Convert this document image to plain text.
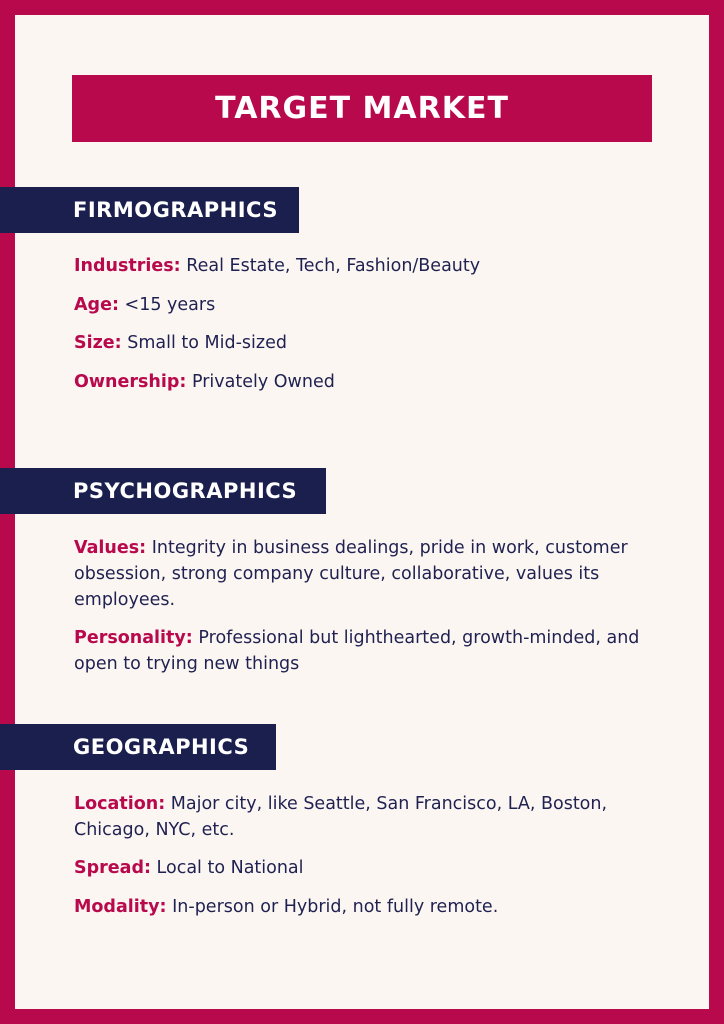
TARGET MARKET
FIRMOGRAPHICS
Industries: Real Estate, Tech, Fashion/Beauty
Age: <15 years
Size: Small to Mid-sized
Ownership: Privately Owned
PSYCHOGRAPHICS
Values: Integrity in business dealings, pride in work, customer obsession, strong company culture, collaborative, values its employees.
Personality: Professional but lighthearted, growth-minded, and open to trying new things
GEOGRAPHICS
Location: Major city, like Seattle, San Francisco, LA, Boston, Chicago, NYC, etc.
Spread: Local to National
Modality: In-person or Hybrid, not fully remote.
